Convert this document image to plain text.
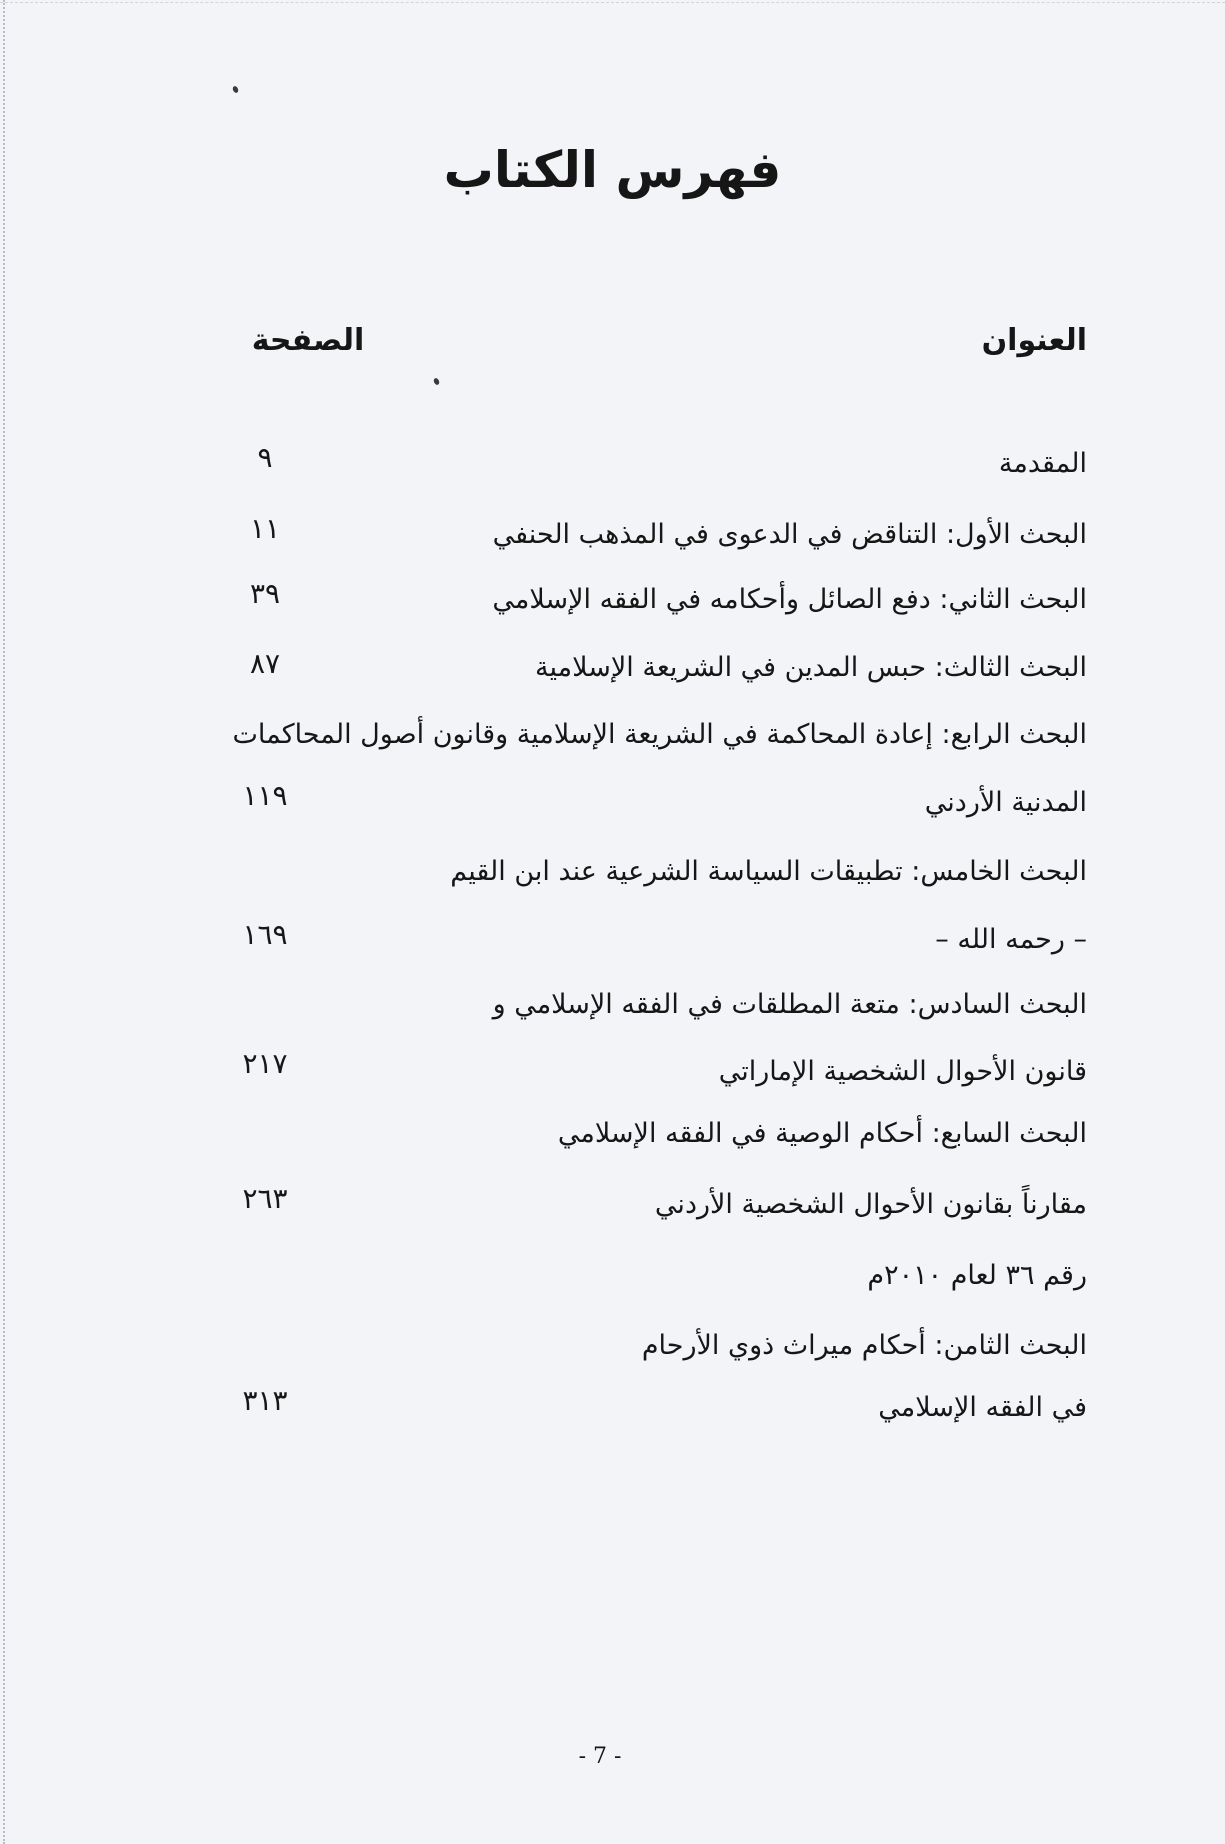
فهرس الكتاب
العنوان
الصفحة
المقدمة
٩
البحث الأول: التناقض في الدعوى في المذهب الحنفي
١١
البحث الثاني: دفع الصائل وأحكامه في الفقه الإسلامي
٣٩
البحث الثالث: حبس المدين في الشريعة الإسلامية
٨٧
البحث الرابع: إعادة المحاكمة في الشريعة الإسلامية وقانون أصول المحاكمات
المدنية الأردني
١١٩
البحث الخامس: تطبيقات السياسة الشرعية عند ابن القيم
– رحمه الله –
١٦٩
البحث السادس: متعة المطلقات في الفقه الإسلامي و
قانون الأحوال الشخصية الإماراتي
٢١٧
البحث السابع: أحكام الوصية في الفقه الإسلامي
مقارناً بقانون الأحوال الشخصية الأردني
رقم ٣٦ لعام ٢٠١٠م
٢٦٣
البحث الثامن: أحكام ميراث ذوي الأرحام
في الفقه الإسلامي
٣١٣
- 7 -
